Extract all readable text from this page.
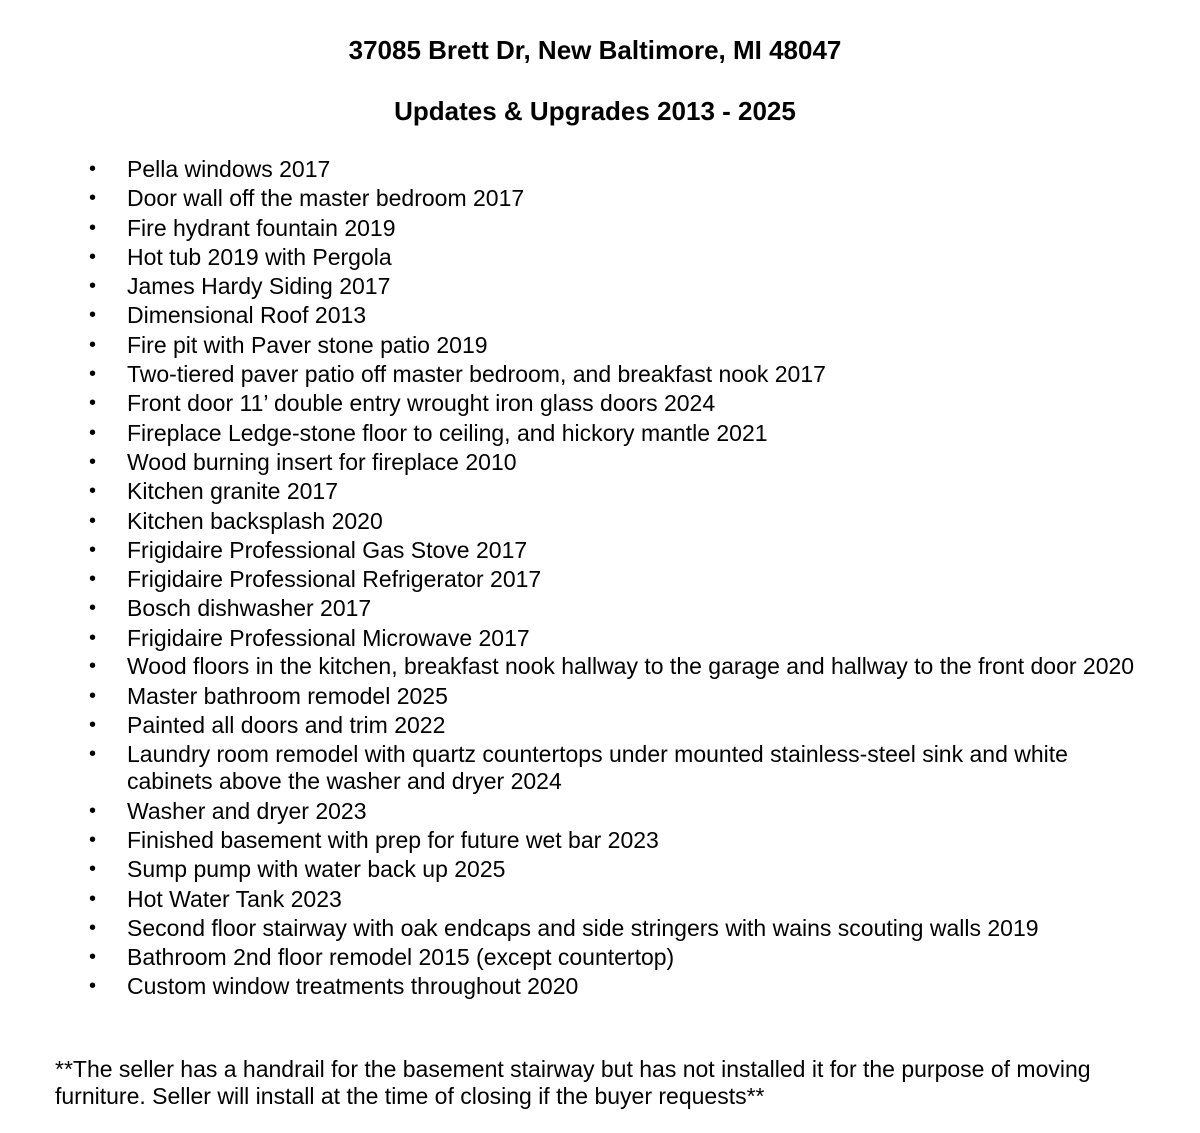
37085 Brett Dr, New Baltimore, MI 48047
Updates & Upgrades 2013 - 2025
• Pella windows 2017
• Door wall off the master bedroom 2017
• Fire hydrant fountain 2019
• Hot tub 2019 with Pergola
• James Hardy Siding 2017
• Dimensional Roof 2013
• Fire pit with Paver stone patio 2019
• Two-tiered paver patio off master bedroom, and breakfast nook 2017
• Front door 11’ double entry wrought iron glass doors 2024
• Fireplace Ledge-stone floor to ceiling, and hickory mantle 2021
• Wood burning insert for fireplace 2010
• Kitchen granite 2017
• Kitchen backsplash 2020
• Frigidaire Professional Gas Stove 2017
• Frigidaire Professional Refrigerator 2017
• Bosch dishwasher 2017
• Frigidaire Professional Microwave 2017
• Wood floors in the kitchen, breakfast nook hallway to the garage and hallway to the front door 2020
• Master bathroom remodel 2025
• Painted all doors and trim 2022
• Laundry room remodel with quartz countertops under mounted stainless-steel sink and white cabinets above the washer and dryer 2024
• Washer and dryer 2023
• Finished basement with prep for future wet bar 2023
• Sump pump with water back up 2025
• Hot Water Tank 2023
• Second floor stairway with oak endcaps and side stringers with wains scouting walls 2019
• Bathroom 2nd floor remodel 2015 (except countertop)
• Custom window treatments throughout 2020

**The seller has a handrail for the basement stairway but has not installed it for the purpose of moving furniture. Seller will install at the time of closing if the buyer requests**
